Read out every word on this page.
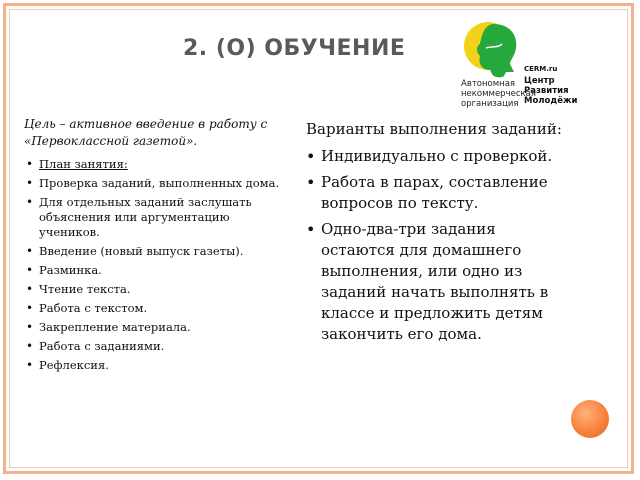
2. (О) ОБУЧЕНИЕ
CERM.ru
Центр
Развития
Молодёжи
Автономная
некоммерческая
организация

Цель – активное введение в работу с «Первоклассной газетой».

• План занятия:
• Проверка заданий, выполненных дома.
• Для отдельных заданий заслушать объяснения или аргументацию учеников.
• Введение (новый выпуск газеты).
• Разминка.
• Чтение текста.
• Работа с текстом.
• Закрепление материала.
• Работа с заданиями.
• Рефлексия.

Варианты выполнения заданий:

• Индивидуально с проверкой.
• Работа в парах, составление вопросов по тексту.
• Одно-два-три задания остаются для домашнего выполнения, или одно из заданий начать выполнять в классе и предложить детям закончить его дома.
